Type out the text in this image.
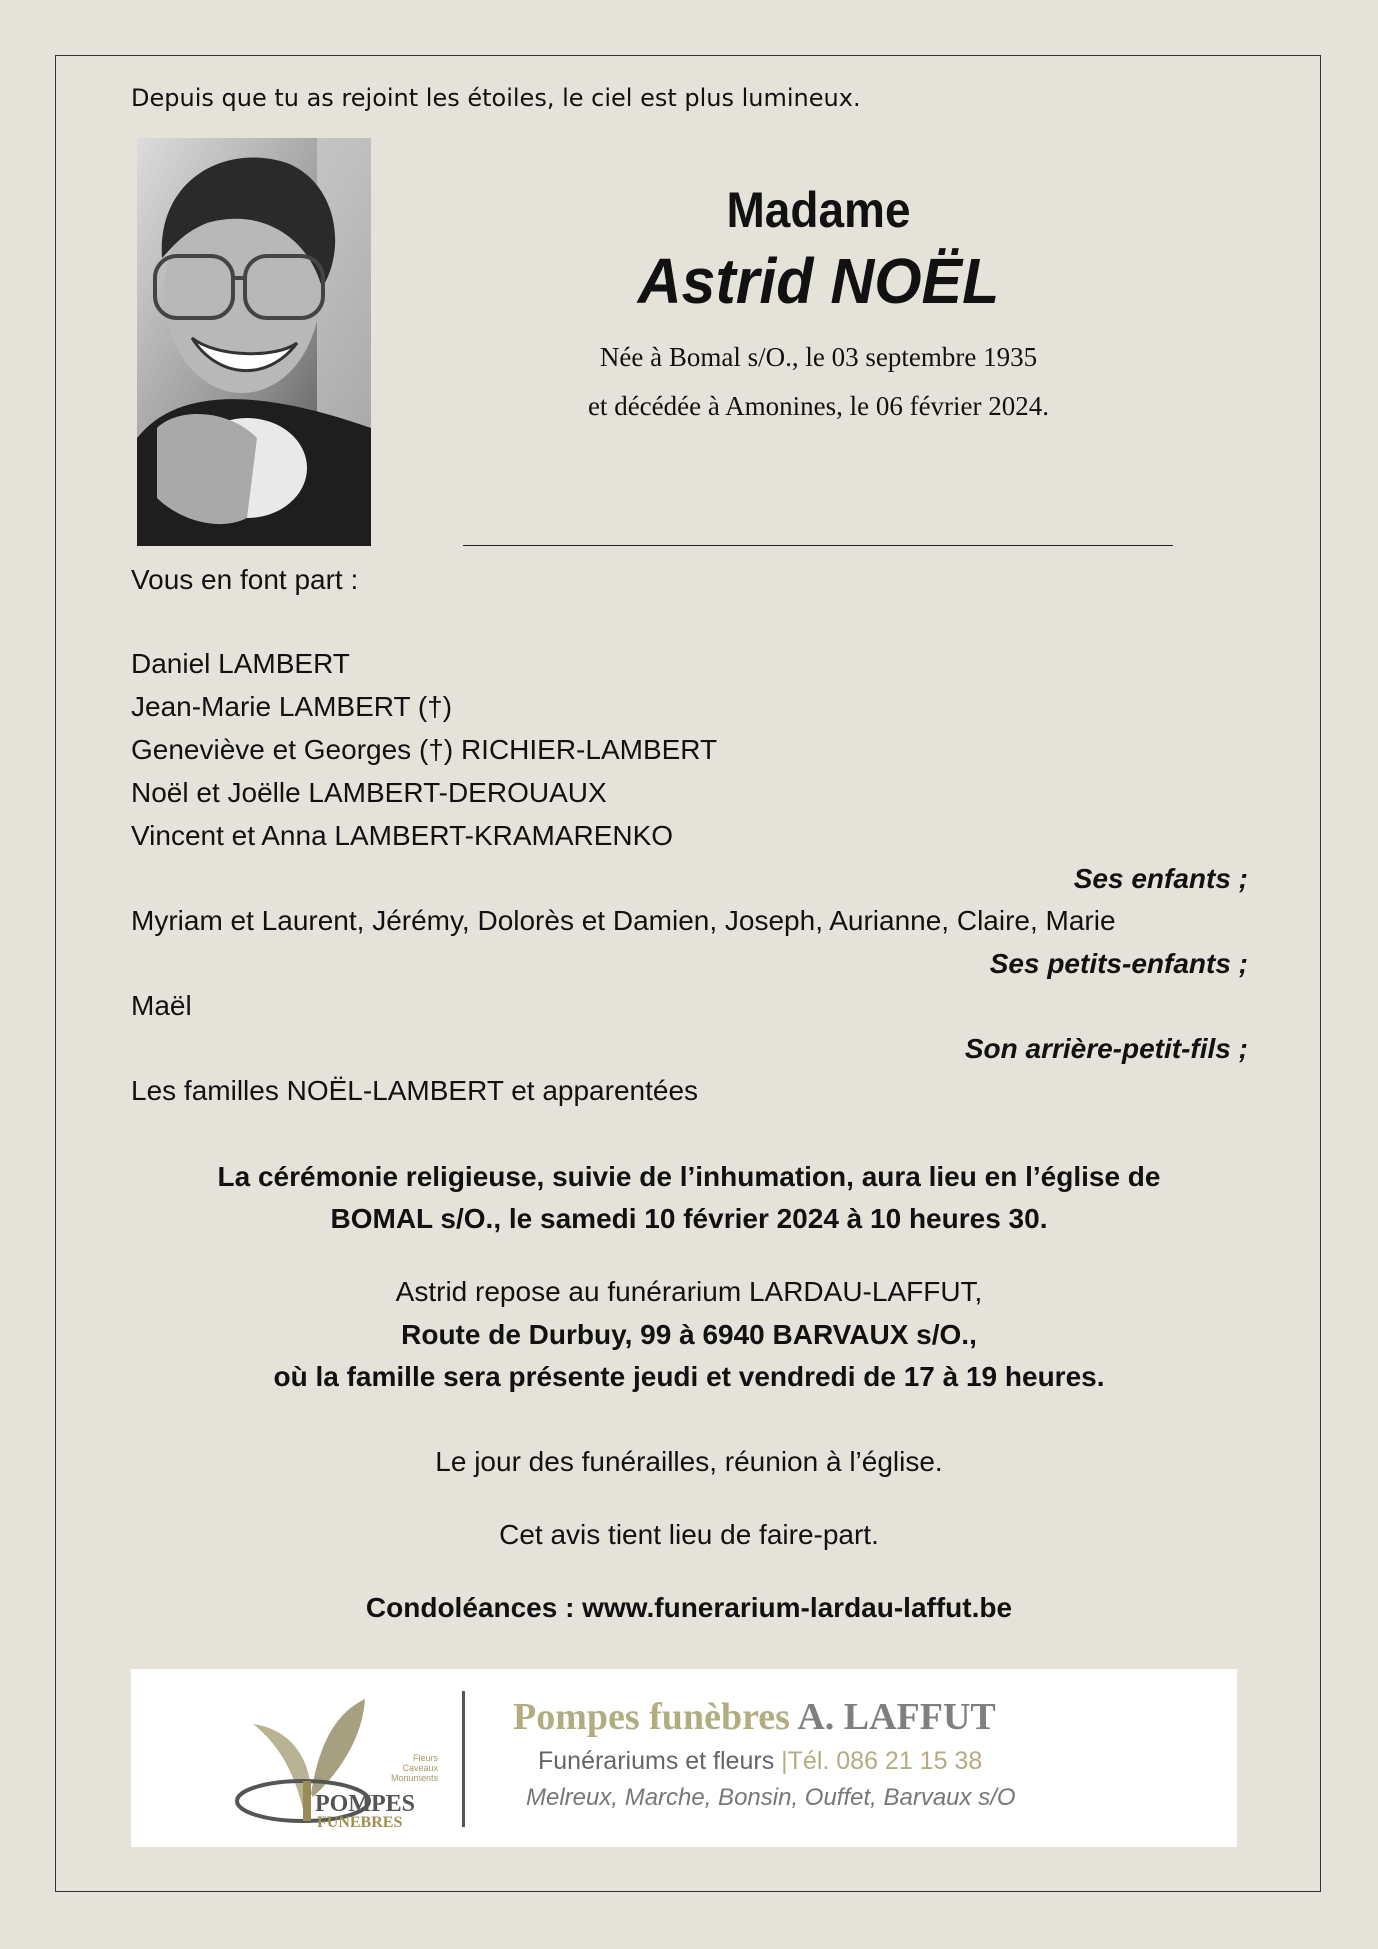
Depuis que tu as rejoint les étoiles, le ciel est plus lumineux.
Madame
Astrid NOËL
Née à Bomal s/O., le 03 septembre 1935
et décédée à Amonines, le 06 février 2024.
Vous en font part :
Daniel LAMBERT
Jean-Marie LAMBERT (†)
Geneviève et Georges (†) RICHIER-LAMBERT
Noël et Joëlle LAMBERT-DEROUAUX
Vincent et Anna LAMBERT-KRAMARENKO
Ses enfants ;
Myriam et Laurent, Jérémy, Dolorès et Damien, Joseph, Aurianne, Claire, Marie
Ses petits-enfants ;
Maël
Son arrière-petit-fils ;
Les familles NOËL-LAMBERT et apparentées
La cérémonie religieuse, suivie de l’inhumation, aura lieu en l’église de
BOMAL s/O., le samedi 10 février 2024 à 10 heures 30.
Astrid repose au funérarium LARDAU-LAFFUT,
Route de Durbuy, 99 à 6940 BARVAUX s/O.,
où la famille sera présente jeudi et vendredi de 17 à 19 heures.
Le jour des funérailles, réunion à l’église.
Cet avis tient lieu de faire-part.
Condoléances : www.funerarium-lardau-laffut.be
Fleurs
Caveaux
Monuments
POMPES
FUNEBRES
Pompes funèbres A. LAFFUT
Funérariums et fleurs |Tél. 086 21 15 38
Melreux, Marche, Bonsin, Ouffet, Barvaux s/O
